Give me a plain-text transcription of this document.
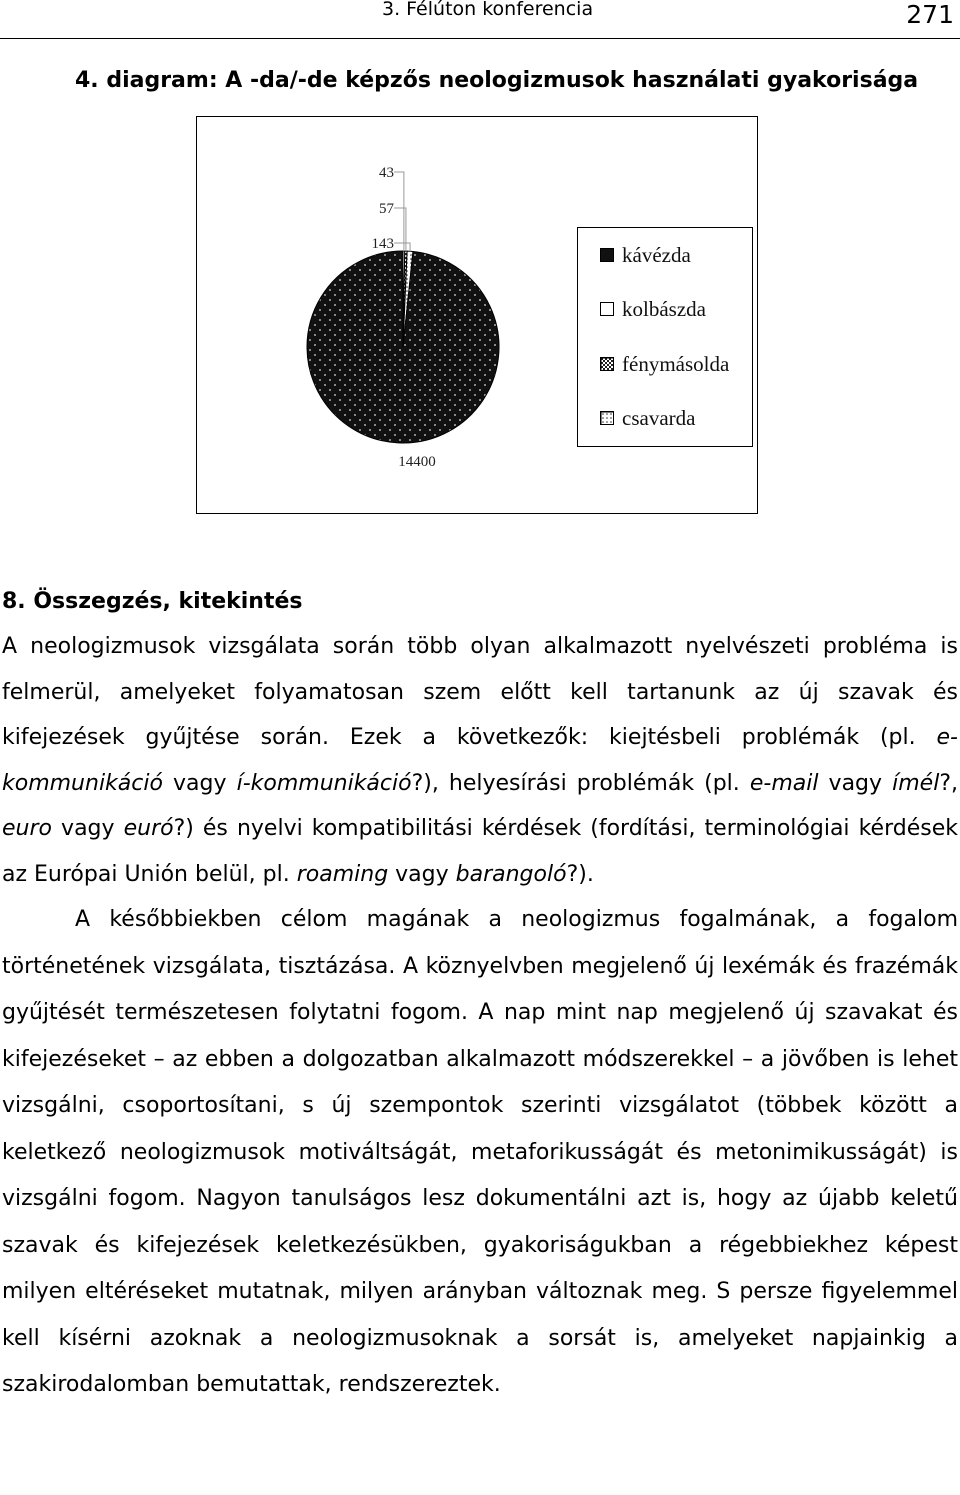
3. Félúton konferencia	271
4. diagram: A -da/-de képzős neologizmusok használati gyakorisága
43
57
143
14400
kávézda
kolbászda
fénymásolda
csavarda

8. Összegzés, kitekintés

A neologizmusok vizsgálata során több olyan alkalmazott nyelvészeti probléma is felmerül, amelyeket folyamatosan szem előtt kell tartanunk az új szavak és kifejezések gyűjtése során. Ezek a következők: kiejtésbeli problémák (pl. e-kommunikáció vagy í-kommunikáció?), helyesírási problémák (pl. e-mail vagy ímél?, euro vagy euró?) és nyelvi kompatibilitási kérdések (fordítási, terminológiai kérdések az Európai Unión belül, pl. roaming vagy barangoló?).

A későbbiekben célom magának a neologizmus fogalmának, a fogalom történetének vizsgálata, tisztázása. A köznyelvben megjelenő új lexémák és frazémák gyűjtését természetesen folytatni fogom. A nap mint nap megjelenő új szavakat és kifejezéseket – az ebben a dolgozatban alkalmazott módszerekkel – a jövőben is lehet vizsgálni, csoportosítani, s új szempontok szerinti vizsgálatot (többek között a keletkező neologizmusok motiváltságát, metaforikusságát és metonimikusságát) is vizsgálni fogom. Nagyon tanulságos lesz dokumentálni azt is, hogy az újabb keletű szavak és kifejezések keletkezésükben, gyakoriságukban a régebbiekhez képest milyen eltéréseket mutatnak, milyen arányban változnak meg. S persze figyelemmel kell kísérni azoknak a neologizmusoknak a sorsát is, amelyeket napjainkig a szakirodalomban bemutattak, rendszereztek.
